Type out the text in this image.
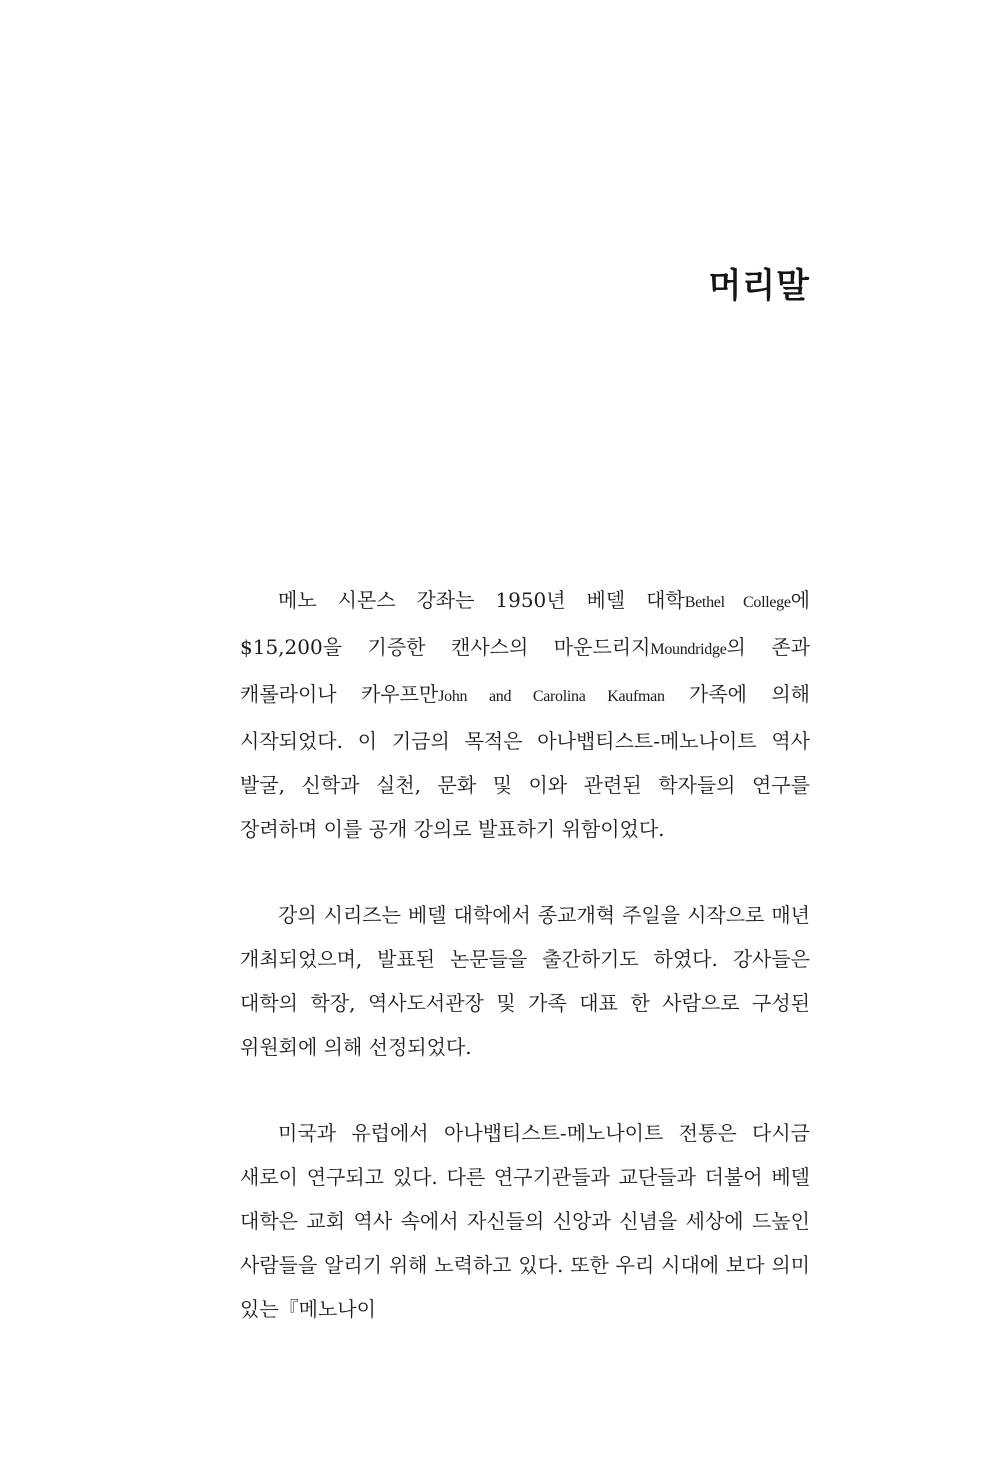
머리말

메노 시몬스 강좌는 1950년 베델 대학Bethel College에 $15,200을 기증한 캔사스의 마운드리지Moundridge의 존과 캐롤라이나 카우프만John and Carolina Kaufman 가족에 의해 시작되었다. 이 기금의 목적은 아나뱁티스트-메노나이트 역사 발굴, 신학과 실천, 문화 및 이와 관련된 학자들의 연구를 장려하며 이를 공개 강의로 발표하기 위함이었다.

강의 시리즈는 베델 대학에서 종교개혁 주일을 시작으로 매년 개최되었으며, 발표된 논문들을 출간하기도 하였다. 강사들은 대학의 학장, 역사도서관장 및 가족 대표 한 사람으로 구성된 위원회에 의해 선정되었다.

미국과 유럽에서 아나뱁티스트-메노나이트 전통은 다시금 새로이 연구되고 있다. 다른 연구기관들과 교단들과 더불어 베델 대학은 교회 역사 속에서 자신들의 신앙과 신념을 세상에 드높인 사람들을 알리기 위해 노력하고 있다. 또한 우리 시대에 보다 의미 있는『메노나이
